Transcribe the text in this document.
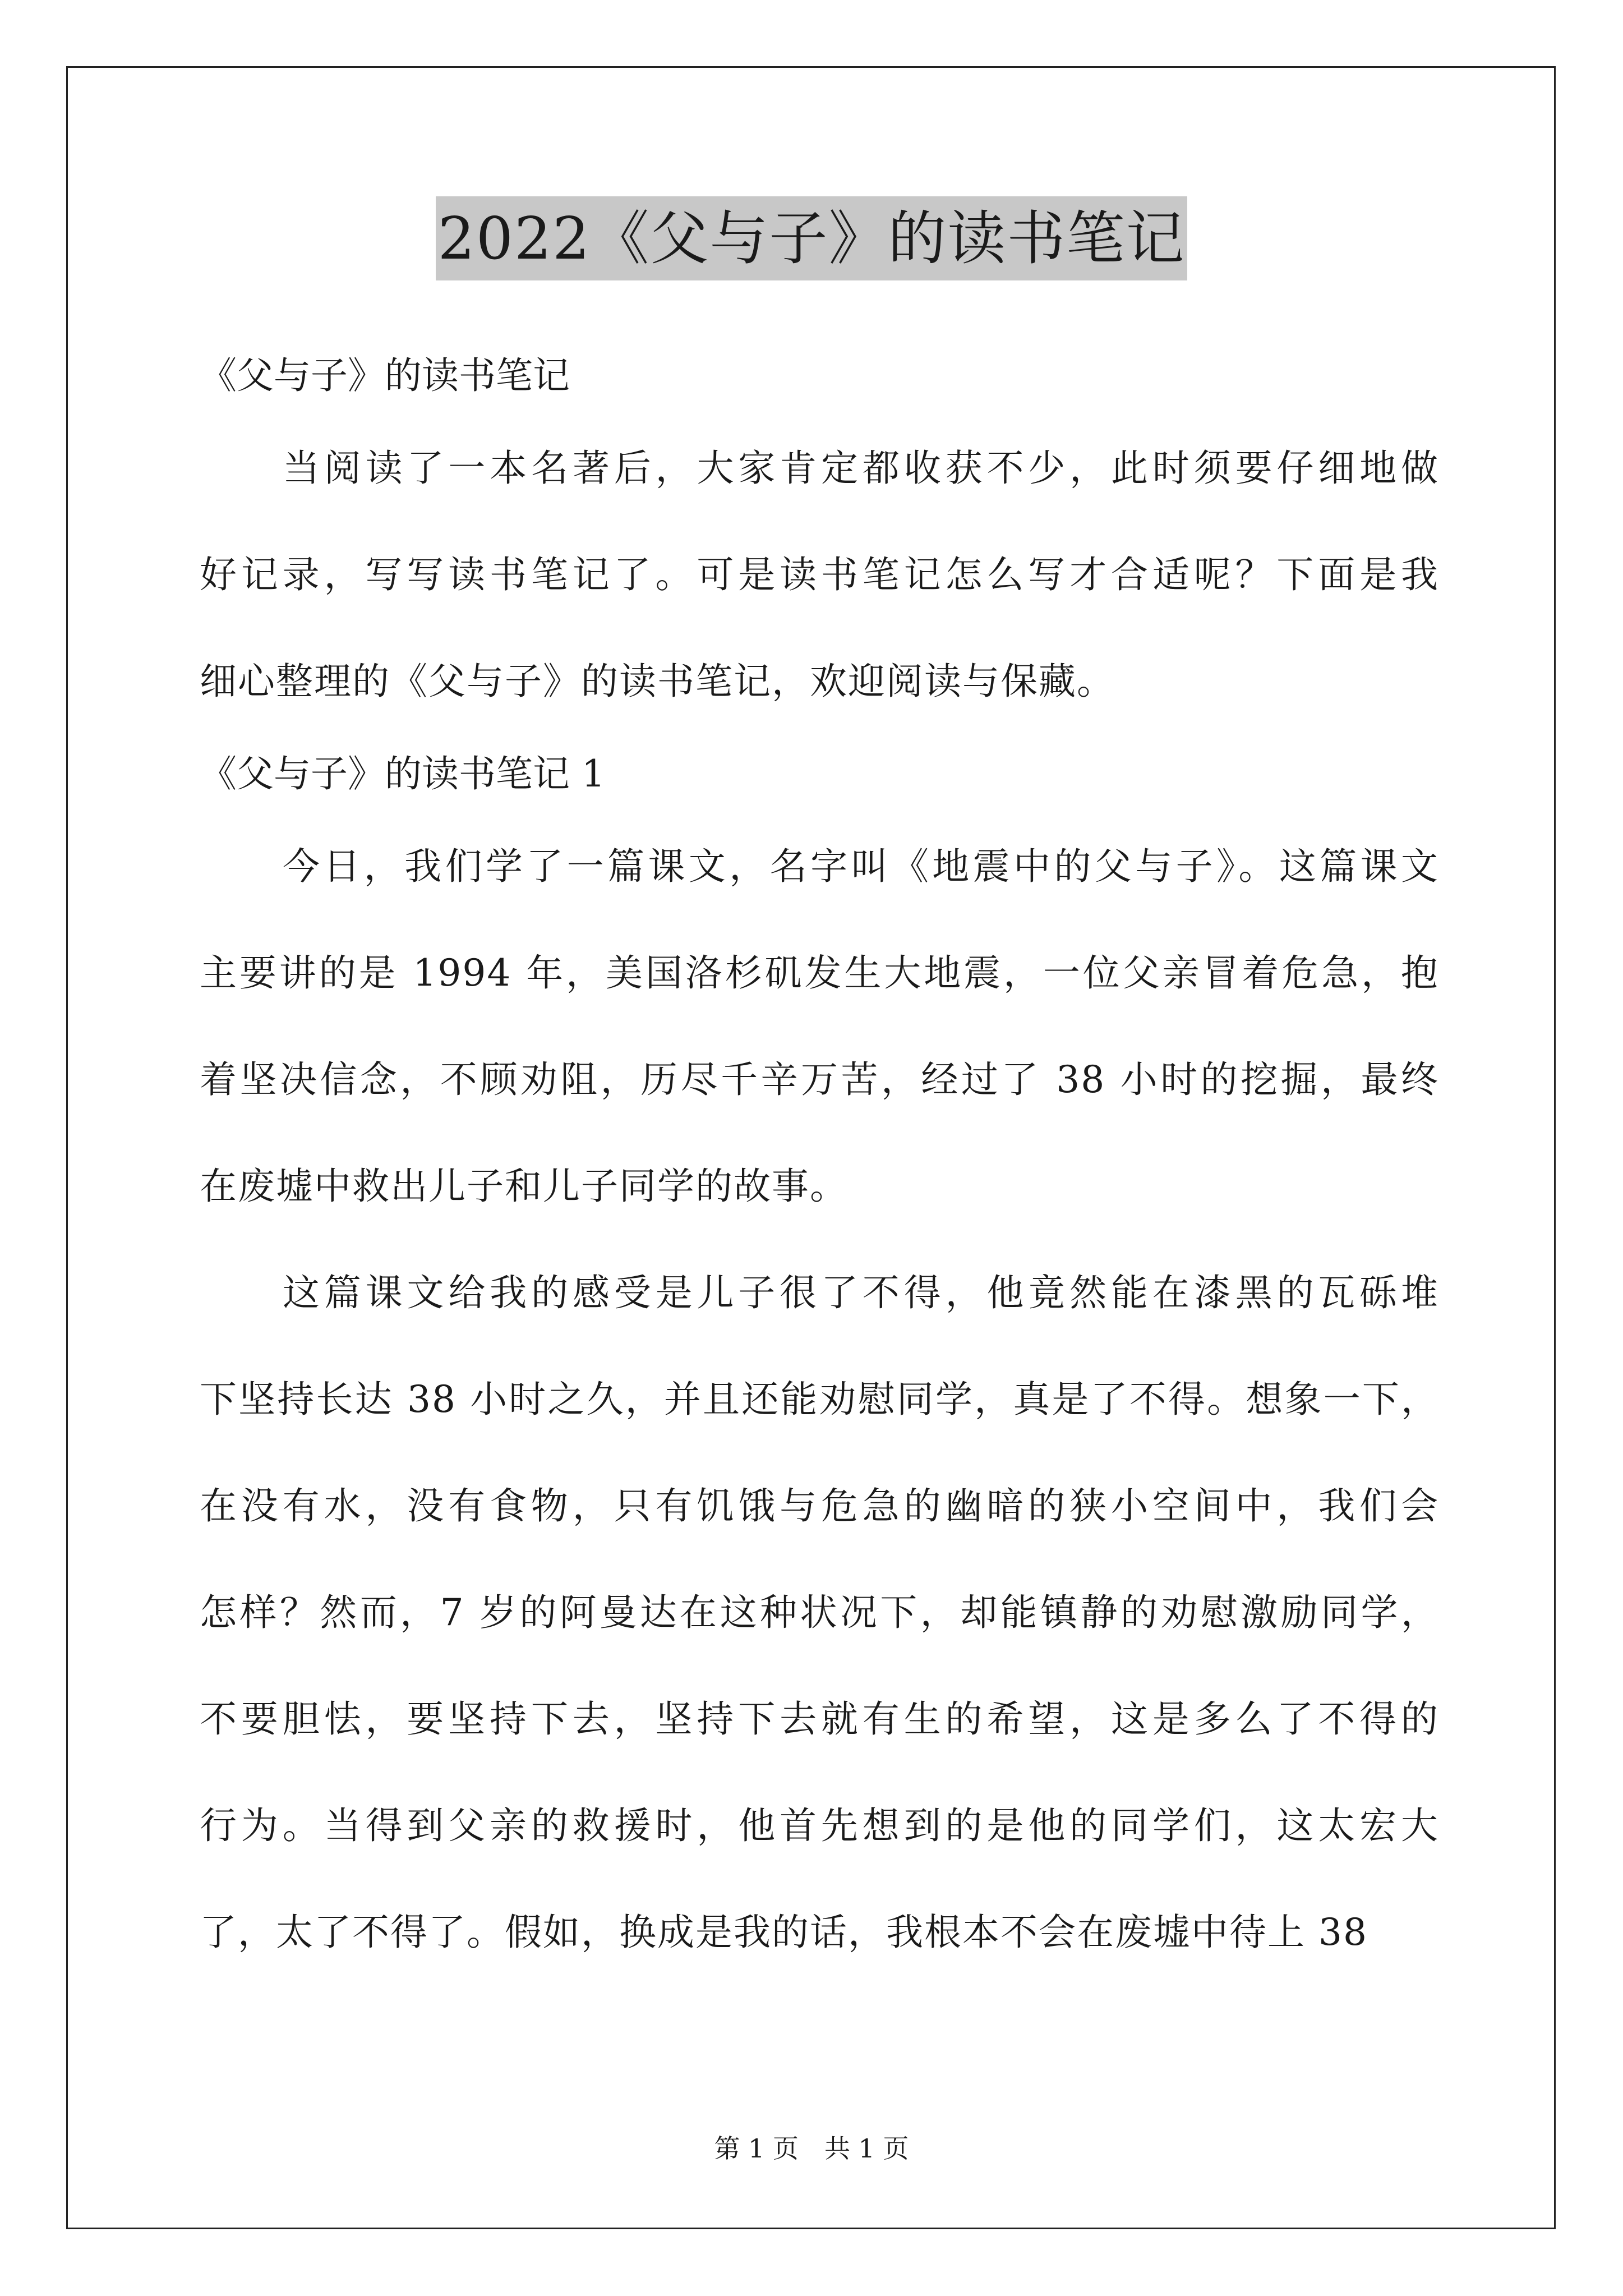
2022《父与子》的读书笔记

《父与子》的读书笔记

当阅读了一本名著后，大家肯定都收获不少，此时须要仔细地做

好记录，写写读书笔记了。可是读书笔记怎么写才合适呢？下面是我

细心整理的《父与子》的读书笔记，欢迎阅读与保藏。

《父与子》的读书笔记 1

今日，我们学了一篇课文，名字叫《地震中的父与子》。这篇课文

主要讲的是 1994 年，美国洛杉矶发生大地震，一位父亲冒着危急，抱

着坚决信念，不顾劝阻，历尽千辛万苦，经过了 38 小时的挖掘，最终

在废墟中救出儿子和儿子同学的故事。

这篇课文给我的感受是儿子很了不得，他竟然能在漆黑的瓦砾堆

下坚持长达 38 小时之久，并且还能劝慰同学，真是了不得。想象一下，

在没有水，没有食物，只有饥饿与危急的幽暗的狭小空间中，我们会

怎样？然而，7 岁的阿曼达在这种状况下，却能镇静的劝慰激励同学，

不要胆怯，要坚持下去，坚持下去就有生的希望，这是多么了不得的

行为。当得到父亲的救援时，他首先想到的是他的同学们，这太宏大

了，太了不得了。假如，换成是我的话，我根本不会在废墟中待上 38

第 1 页　共 1 页
